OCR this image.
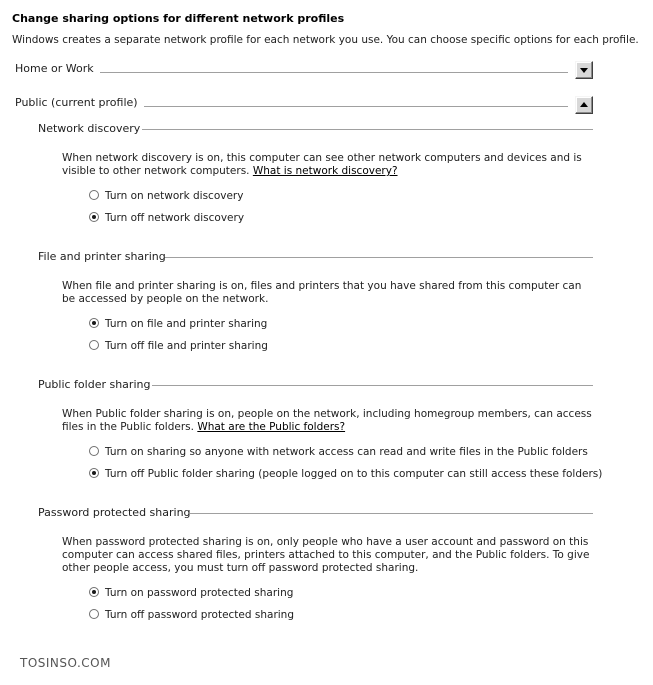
Change sharing options for different network profiles
Windows creates a separate network profile for each network you use. You can choose specific options for each profile.
Home or Work
Public (current profile)
Network discovery
When network discovery is on, this computer can see other network computers and devices and is visible to other network computers. What is network discovery?
Turn on network discovery
Turn off network discovery
File and printer sharing
When file and printer sharing is on, files and printers that you have shared from this computer can be accessed by people on the network.
Turn on file and printer sharing
Turn off file and printer sharing
Public folder sharing
When Public folder sharing is on, people on the network, including homegroup members, can access files in the Public folders. What are the Public folders?
Turn on sharing so anyone with network access can read and write files in the Public folders
Turn off Public folder sharing (people logged on to this computer can still access these folders)
Password protected sharing
When password protected sharing is on, only people who have a user account and password on this computer can access shared files, printers attached to this computer, and the Public folders. To give other people access, you must turn off password protected sharing.
Turn on password protected sharing
Turn off password protected sharing
TOSINSO.COM
